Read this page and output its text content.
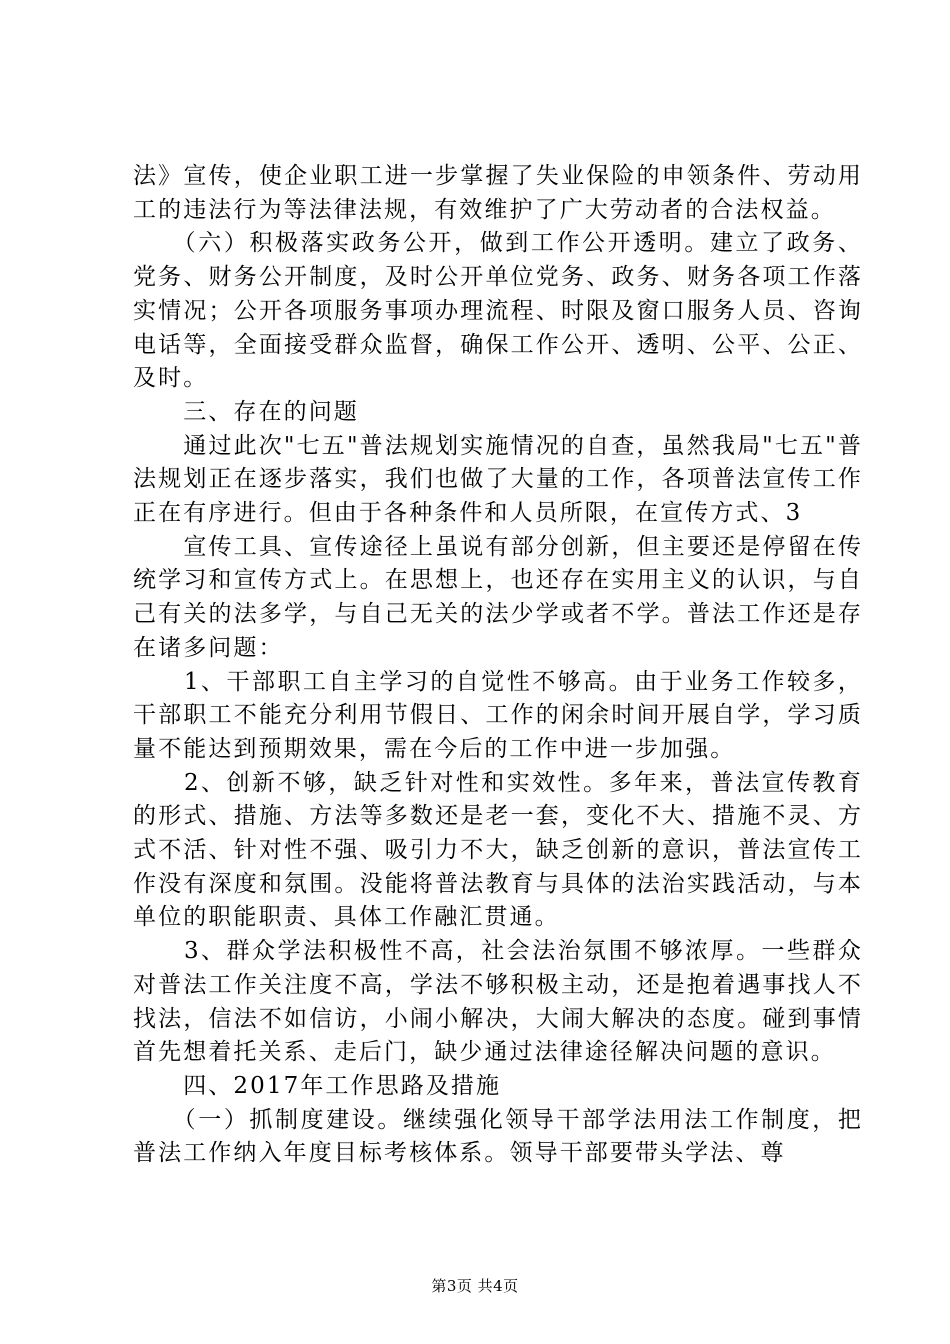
法》宣传，使企业职工进一步掌握了失业保险的申领条件、劳动用工的违法行为等法律法规，有效维护了广大劳动者的合法权益。

　　（六）积极落实政务公开，做到工作公开透明。建立了政务、党务、财务公开制度，及时公开单位党务、政务、财务各项工作落实情况；公开各项服务事项办理流程、时限及窗口服务人员、咨询电话等，全面接受群众监督，确保工作公开、透明、公平、公正、及时。

　　三、存在的问题

　　通过此次"七五"普法规划实施情况的自查，虽然我局"七五"普法规划正在逐步落实，我们也做了大量的工作，各项普法宣传工作正在有序进行。但由于各种条件和人员所限，在宣传方式、3

　　宣传工具、宣传途径上虽说有部分创新，但主要还是停留在传统学习和宣传方式上。在思想上，也还存在实用主义的认识，与自己有关的法多学，与自己无关的法少学或者不学。普法工作还是存在诸多问题：

　　1、干部职工自主学习的自觉性不够高。由于业务工作较多，干部职工不能充分利用节假日、工作的闲余时间开展自学，学习质量不能达到预期效果，需在今后的工作中进一步加强。

　　2、创新不够，缺乏针对性和实效性。多年来，普法宣传教育的形式、措施、方法等多数还是老一套，变化不大、措施不灵、方式不活、针对性不强、吸引力不大，缺乏创新的意识，普法宣传工作没有深度和氛围。没能将普法教育与具体的法治实践活动，与本单位的职能职责、具体工作融汇贯通。

　　3、群众学法积极性不高，社会法治氛围不够浓厚。一些群众对普法工作关注度不高，学法不够积极主动，还是抱着遇事找人不找法，信法不如信访，小闹小解决，大闹大解决的态度。碰到事情首先想着托关系、走后门，缺少通过法律途径解决问题的意识。

　　四、2017年工作思路及措施

　　（一）抓制度建设。继续强化领导干部学法用法工作制度，把普法工作纳入年度目标考核体系。领导干部要带头学法、尊

第3页 共4页
